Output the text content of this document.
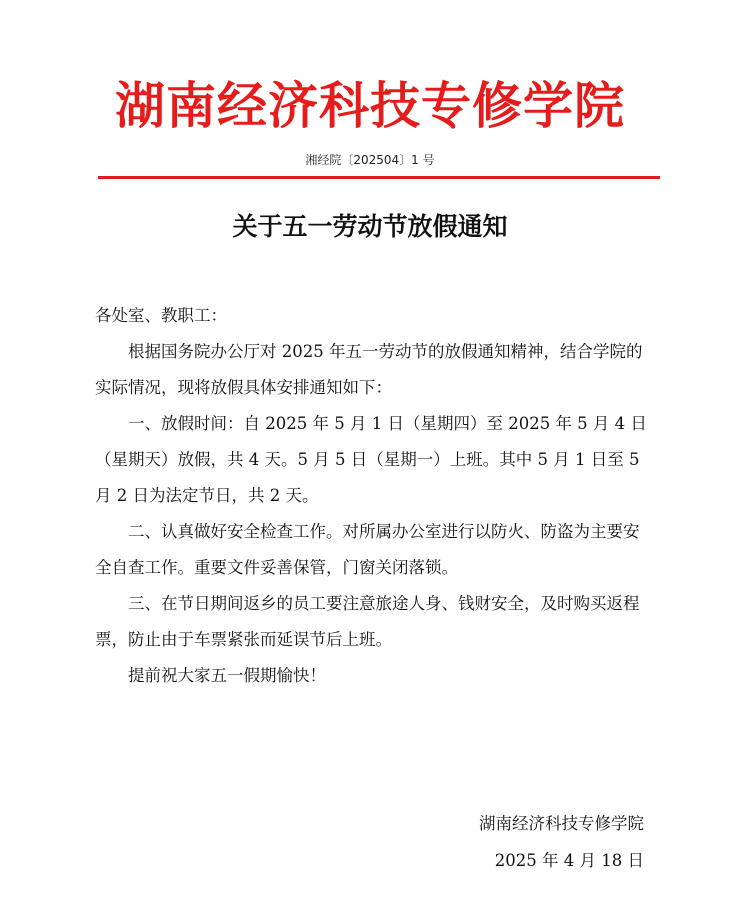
湖南经济科技专修学院
湘经院〔202504〕1 号
关于五一劳动节放假通知

各处室、教职工：

根据国务院办公厅对 2025 年五一劳动节的放假通知精神，结合学院的实际情况，现将放假具体安排通知如下：

一、放假时间：自 2025 年 5 月 1 日（星期四）至 2025 年 5 月 4 日（星期天）放假，共 4 天。5 月 5 日（星期一）上班。其中 5 月 1 日至 5 月 2 日为法定节日，共 2 天。

二、认真做好安全检查工作。对所属办公室进行以防火、防盗为主要安全自查工作。重要文件妥善保管，门窗关闭落锁。

三、在节日期间返乡的员工要注意旅途人身、钱财安全，及时购买返程票，防止由于车票紧张而延误节后上班。

提前祝大家五一假期愉快！

湖南经济科技专修学院
2025 年 4 月 18 日
